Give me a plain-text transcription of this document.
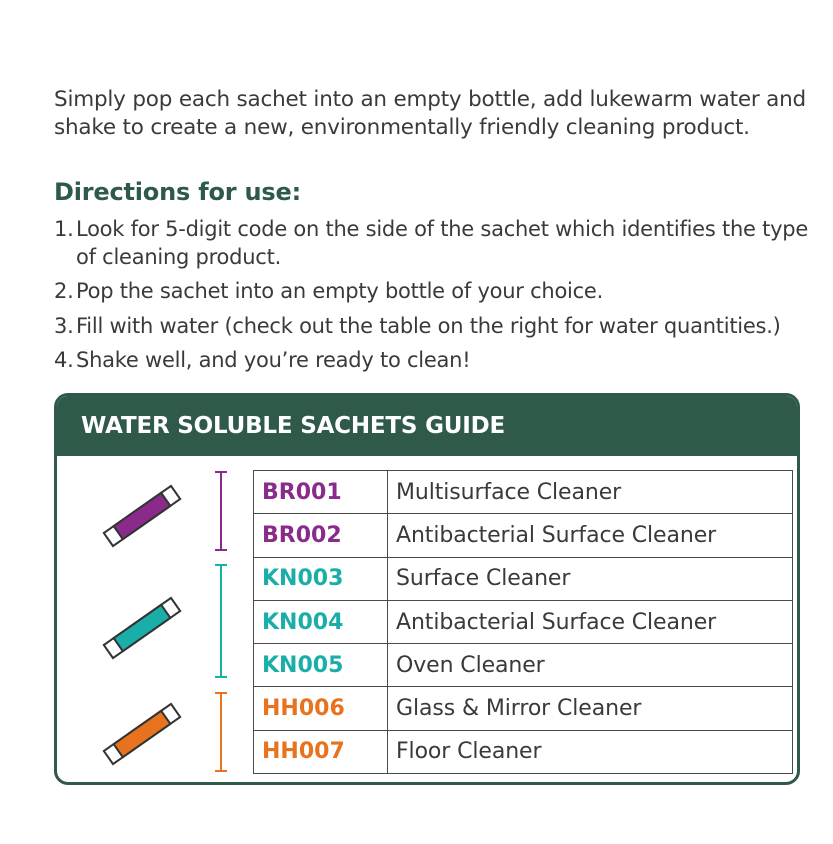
Simply pop each sachet into an empty bottle, add lukewarm water and shake to create a new, environmentally friendly cleaning product.

Directions for use:
1. Look for 5-digit code on the side of the sachet which identifies the type of cleaning product.
2. Pop the sachet into an empty bottle of your choice.
3. Fill with water (check out the table on the right for water quantities.)
4. Shake well, and you’re ready to clean!
WATER SOLUBLE SACHETS GUIDE
BR001	Multisurface Cleaner
BR002	Antibacterial Surface Cleaner
KN003	Surface Cleaner
KN004	Antibacterial Surface Cleaner
KN005	Oven Cleaner
HH006	Glass & Mirror Cleaner
HH007	Floor Cleaner
